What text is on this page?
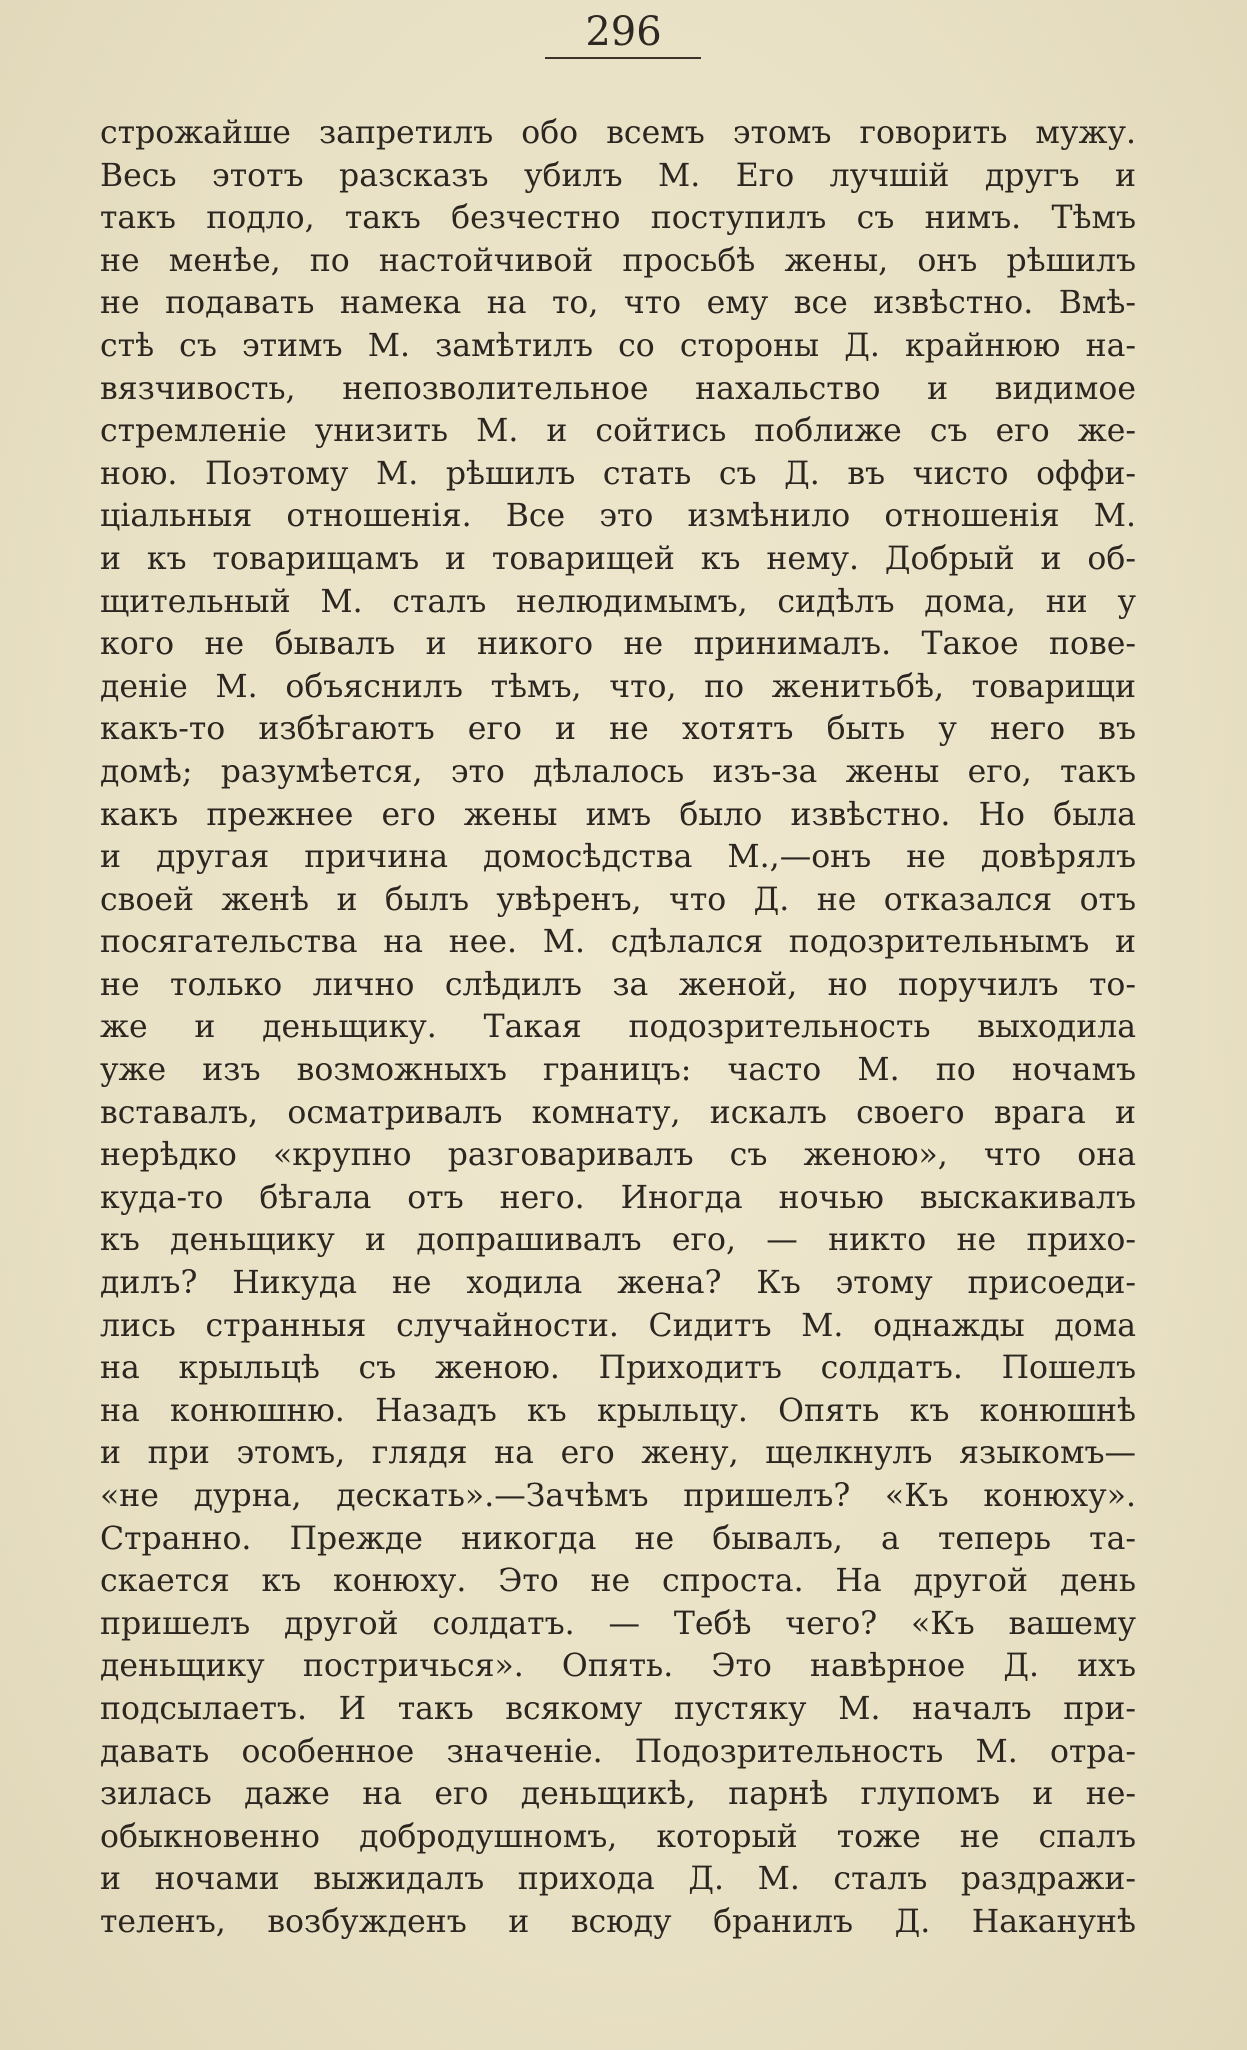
296
строжайше запретилъ обо всемъ этомъ говорить мужу.
Весь этотъ разсказъ убилъ М. Его лучшій другъ и
такъ подло, такъ безчестно поступилъ съ нимъ. Тѣмъ
не менѣе, по настойчивой просьбѣ жены, онъ рѣшилъ
не подавать намека на то, что ему все извѣстно. Вмѣ-
стѣ съ этимъ М. замѣтилъ со стороны Д. крайнюю на-
вязчивость, непозволительное нахальство и видимое
стремленіе унизить М. и сойтись поближе съ его же-
ною. Поэтому М. рѣшилъ стать съ Д. въ чисто оффи-
ціальныя отношенія. Все это измѣнило отношенія М.
и къ товарищамъ и товарищей къ нему. Добрый и об-
щительный М. сталъ нелюдимымъ, сидѣлъ дома, ни у
кого не бывалъ и никого не принималъ. Такое пове-
деніе М. объяснилъ тѣмъ, что, по женитьбѣ, товарищи
какъ-то избѣгаютъ его и не хотятъ быть у него въ
домѣ; разумѣется, это дѣлалось изъ-за жены его, такъ
какъ прежнее его жены имъ было извѣстно. Но была
и другая причина домосѣдства М.,—онъ не довѣрялъ
своей женѣ и былъ увѣренъ, что Д. не отказался отъ
посягательства на нее. М. сдѣлался подозрительнымъ и
не только лично слѣдилъ за женой, но поручилъ то-
же и деньщику. Такая подозрительность выходила
уже изъ возможныхъ границъ: часто М. по ночамъ
вставалъ, осматривалъ комнату, искалъ своего врага и
нерѣдко «крупно разговаривалъ съ женою», что она
куда-то бѣгала отъ него. Иногда ночью выскакивалъ
къ деньщику и допрашивалъ его, — никто не прихо-
дилъ? Никуда не ходила жена? Къ этому присоеди-
лись странныя случайности. Сидитъ М. однажды дома
на крыльцѣ съ женою. Приходитъ солдатъ. Пошелъ
на конюшню. Назадъ къ крыльцу. Опять къ конюшнѣ
и при этомъ, глядя на его жену, щелкнулъ языкомъ—
«не дурна, дескать».—Зачѣмъ пришелъ? «Къ конюху».
Странно. Прежде никогда не бывалъ, а теперь та-
скается къ конюху. Это не спроста. На другой день
пришелъ другой солдатъ. — Тебѣ чего? «Къ вашему
деньщику постричься». Опять. Это навѣрное Д. ихъ
подсылаетъ. И такъ всякому пустяку М. началъ при-
давать особенное значеніе. Подозрительность М. отра-
зилась даже на его деньщикѣ, парнѣ глупомъ и не-
обыкновенно добродушномъ, который тоже не спалъ
и ночами выжидалъ прихода Д. М. сталъ раздражи-
теленъ, возбужденъ и всюду бранилъ Д. Наканунѣ
